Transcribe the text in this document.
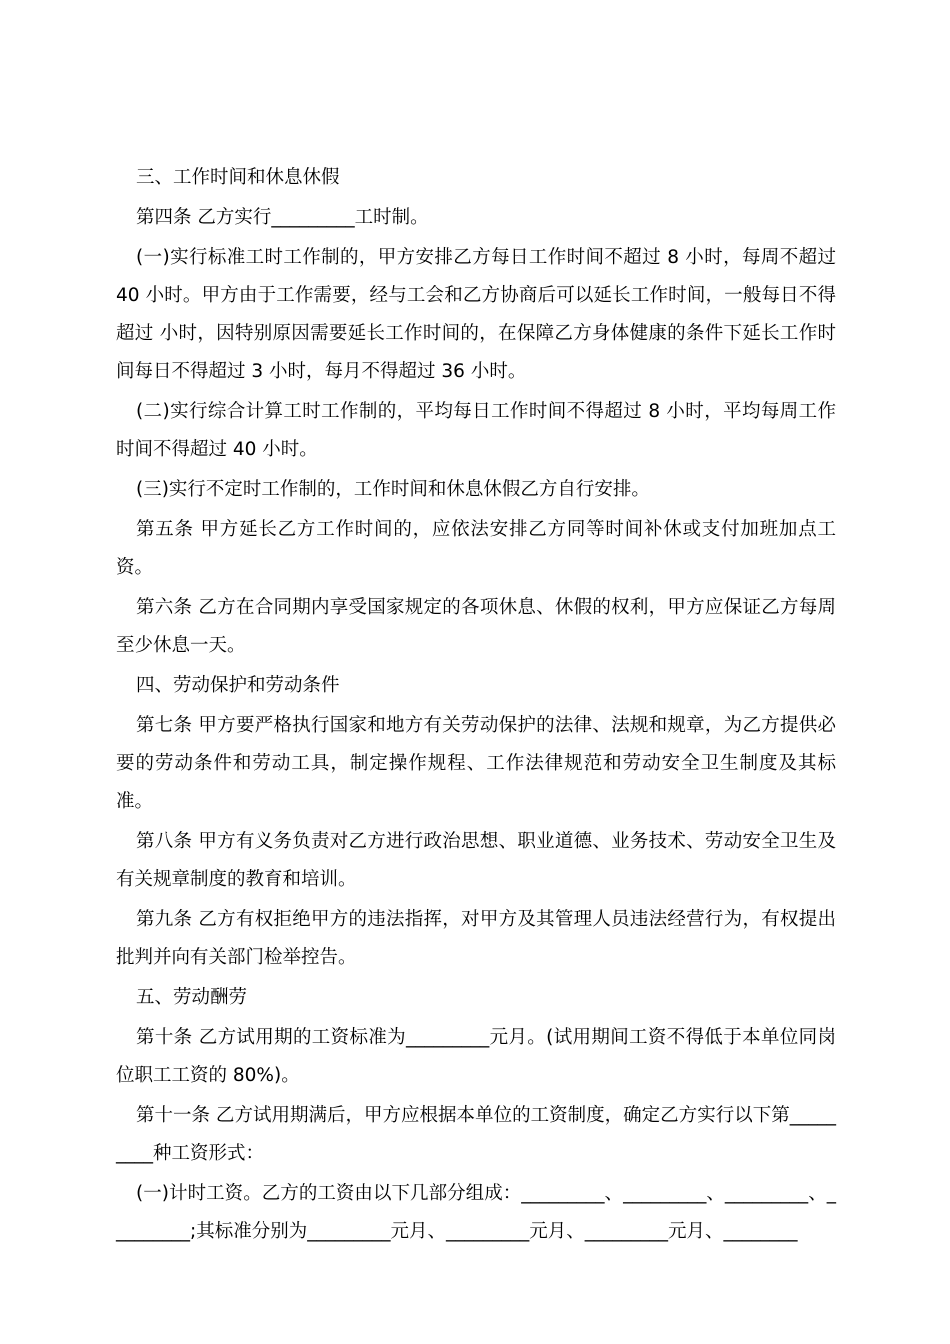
三、工作时间和休息休假

第四条 乙方实行_________工时制。

(一)实行标准工时工作制的，甲方安排乙方每日工作时间不超过 8 小时，每周不超过 40 小时。甲方由于工作需要，经与工会和乙方协商后可以延长工作时间，一般每日不得超过 小时，因特别原因需要延长工作时间的，在保障乙方身体健康的条件下延长工作时间每日不得超过 3 小时，每月不得超过 36 小时。

(二)实行综合计算工时工作制的，平均每日工作时间不得超过 8 小时，平均每周工作时间不得超过 40 小时。

(三)实行不定时工作制的，工作时间和休息休假乙方自行安排。

第五条 甲方延长乙方工作时间的，应依法安排乙方同等时间补休或支付加班加点工资。

第六条 乙方在合同期内享受国家规定的各项休息、休假的权利，甲方应保证乙方每周至少休息一天。

四、劳动保护和劳动条件

第七条 甲方要严格执行国家和地方有关劳动保护的法律、法规和规章，为乙方提供必要的劳动条件和劳动工具，制定操作规程、工作法律规范和劳动安全卫生制度及其标准。

第八条 甲方有义务负责对乙方进行政治思想、职业道德、业务技术、劳动安全卫生及有关规章制度的教育和培训。

第九条 乙方有权拒绝甲方的违法指挥，对甲方及其管理人员违法经营行为，有权提出批判并向有关部门检举控告。

五、劳动酬劳

第十条 乙方试用期的工资标准为_________元月。(试用期间工资不得低于本单位同岗位职工工资的 80%)。

第十一条 乙方试用期满后，甲方应根据本单位的工资制度，确定乙方实行以下第_________种工资形式：

(一)计时工资。乙方的工资由以下几部分组成：_________、_________、_________、_________;其标准分别为_________元月、_________元月、_________元月、________
